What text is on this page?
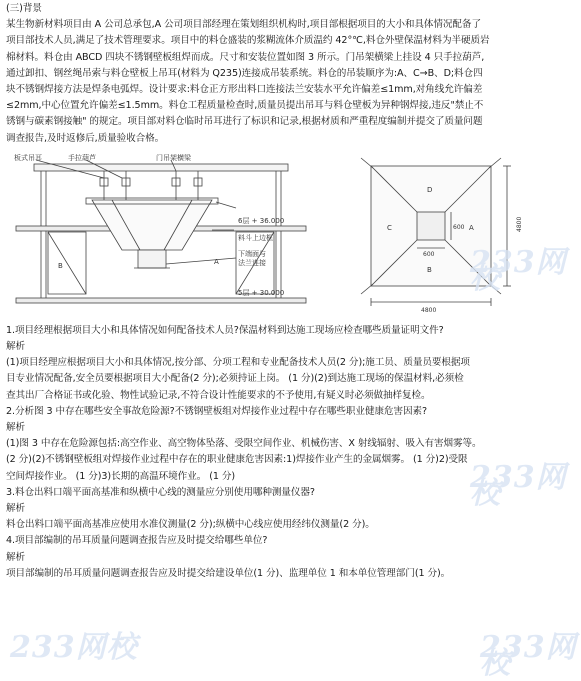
(三)背景

某生物新材料项目由 A 公司总承包,A 公司项目部经理在策划组织机构时,项目部根据项目的大小和具体情况配备了

项目部技术人员,满足了技术管理要求。项目中的料仓盛装的浆糊流体介质温约 42°℃,料仓外壁保温材料为半硬质岩

棉材料。料仓由 ABCD 四块不锈钢壁板组焊而成。尺寸和安装位置如图 3 所示。门吊架横梁上挂设 4 只手拉葫芦,

通过卸扣、钢丝绳吊索与料仓壁板上吊耳(材料为 Q235)连接成吊装系统。料仓的吊装顺序为:A、C→B、D;料仓四

块不锈钢焊接方法是焊条电弧焊。设计要求:料仓正方形出料口连接法兰安装水平允许偏差≤1mm,对角线允许偏差

≤2mm,中心位置允许偏差≤1.5mm。料仓工程质量检查时,质量员提出吊耳与料仓壁板为异种钢焊接,违反"禁止不

锈钢与碳素钢接触" 的规定。项目部对料仓临时吊耳进行了标识和记录,根据材质和严重程度编制并提交了质量问题

调查报告,及时返修后,质量验收合格。

板式吊耳	手拉葫芦	门吊架横梁
6层 + 36.000
料斗上边框
下端面与
法兰连接
5层 + 30.000
B	A
D
A
C
B
600
600
4800
4800

1.项目经理根据项目大小和具体情况如何配备技术人员?保温材料到达施工现场应检查哪些质量证明文件?

解析

(1)项目经理应根据项目大小和具体情况,按分部、分项工程和专业配备技术人员(2 分);施工员、质量员要根据项

目专业情况配备,安全员要根据项目大小配备(2 分);必须持证上岗。 (1 分)(2)到达施工现场的保温材料,必须检

查其出厂合格证书或化验、物性试验记录,不符合设计性能要求的不予使用,有疑义时必须做抽样复检。

2.分析图 3 中存在哪些安全事故危险源?不锈钢壁板组对焊接作业过程中存在哪些职业健康危害因素?

解析

(1)图 3 中存在危险源包括:高空作业、高空物体坠落、受限空间作业、机械伤害、X 射线辐射、吸入有害烟雾等。

(2 分)(2)不锈钢壁板组对焊接作业过程中存在的职业健康危害因素:1)焊接作业产生的金属烟雾。 (1 分)2)受限

空间焊接作业。 (1 分)3)长期的高温环境作业。 (1 分)

3.料仓出料口端平面高基准和纵横中心线的测量应分别使用哪种测量仪器?

解析

料仓出料口端平面高基准应使用水准仪测量(2 分);纵横中心线应使用经纬仪测量(2 分)。

4.项目部编制的吊耳质量问题调查报告应及时提交给哪些单位?

解析

项目部编制的吊耳质量问题调查报告应及时提交给建设单位(1 分)、监理单位 1 和本单位管理部门(1 分)。

233网校
233网校
233网校	233网校
